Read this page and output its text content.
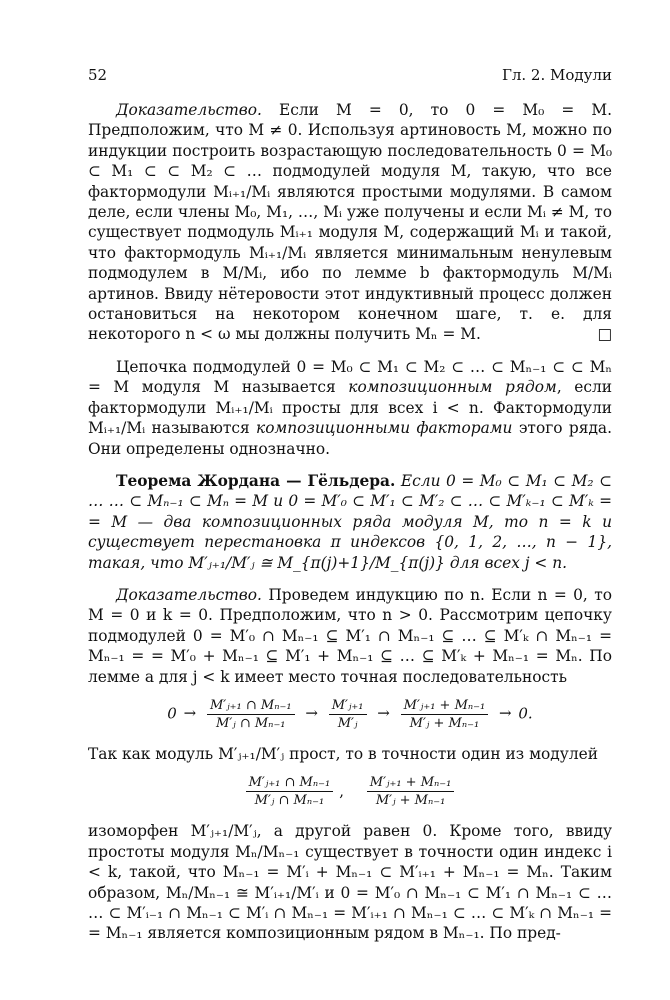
52	Гл. 2. Модули

Доказательство. Если M = 0, то 0 = M₀ = M. Предположим, что M ≠ 0. Используя артиновость M, можно по индукции построить возрастающую последовательность 0 = M₀ ⊂ M₁ ⊂ ⊂ M₂ ⊂ … подмодулей модуля M, такую, что все фактормодули Mᵢ₊₁/Mᵢ являются простыми модулями. В самом деле, если члены M₀, M₁, …, Mᵢ уже получены и если Mᵢ ≠ M, то существует подмодуль Mᵢ₊₁ модуля M, содержащий Mᵢ и такой, что фактормодуль Mᵢ₊₁/Mᵢ является минимальным ненулевым подмодулем в M/Mᵢ, ибо по лемме b фактормодуль M/Mᵢ артинов. Ввиду нётеровости этот индуктивный процесс должен остановиться на некотором конечном шаге, т. е. для некоторого n < ω мы должны получить Mₙ = M.	□

Цепочка подмодулей 0 = M₀ ⊂ M₁ ⊂ M₂ ⊂ … ⊂ Mₙ₋₁ ⊂ ⊂ Mₙ = M модуля M называется композиционным рядом, если фактормодули Mᵢ₊₁/Mᵢ просты для всех i < n. Фактормодули Mᵢ₊₁/Mᵢ называются композиционными факторами этого ряда. Они определены однозначно.

Теорема Жордана — Гёльдера. Если 0 = M₀ ⊂ M₁ ⊂ M₂ ⊂ … … ⊂ Mₙ₋₁ ⊂ Mₙ = M и 0 = M′₀ ⊂ M′₁ ⊂ M′₂ ⊂ … ⊂ M′ₖ₋₁ ⊂ M′ₖ = = M — два композиционных ряда модуля M, то n = k и существует перестановка π индексов {0, 1, 2, …, n − 1}, такая, что M′ⱼ₊₁/M′ⱼ ≅ M_{π(j)+1}/M_{π(j)} для всех j < n.

Доказательство. Проведем индукцию по n. Если n = 0, то M = 0 и k = 0. Предположим, что n > 0. Рассмотрим цепочку подмодулей 0 = M′₀ ∩ Mₙ₋₁ ⊆ M′₁ ∩ Mₙ₋₁ ⊆ … ⊆ M′ₖ ∩ Mₙ₋₁ = Mₙ₋₁ = = M′₀ + Mₙ₋₁ ⊆ M′₁ + Mₙ₋₁ ⊆ … ⊆ M′ₖ + Mₙ₋₁ = Mₙ. По лемме a для j < k имеет место точная последовательность

$0 \to \frac{\text{M′ⱼ₊₁ ∩ Mₙ₋₁}}{\text{M′ⱼ ∩ Mₙ₋₁}} \to \frac{\text{M′ⱼ₊₁}}{\text{M′ⱼ}} \to \frac{\text{M′ⱼ₊₁ + Mₙ₋₁}}{\text{M′ⱼ + Mₙ₋₁}} \to 0$.

Так как модуль M′ⱼ₊₁/M′ⱼ прост, то в точности один из модулей

$\frac{\text{M′ⱼ₊₁ ∩ Mₙ₋₁}}{\text{M′ⱼ ∩ Mₙ₋₁}}$ , $\frac{\text{M′ⱼ₊₁ + Mₙ₋₁}}{\text{M′ⱼ + Mₙ₋₁}}$

изоморфен M′ⱼ₊₁/M′ⱼ, а другой равен 0. Кроме того, ввиду простоты модуля Mₙ/Mₙ₋₁ существует в точности один индекс i < k, такой, что Mₙ₋₁ = M′ᵢ + Mₙ₋₁ ⊂ M′ᵢ₊₁ + Mₙ₋₁ = Mₙ. Таким образом, Mₙ/Mₙ₋₁ ≅ M′ᵢ₊₁/M′ᵢ и 0 = M′₀ ∩ Mₙ₋₁ ⊂ M′₁ ∩ Mₙ₋₁ ⊂ … … ⊂ M′ᵢ₋₁ ∩ Mₙ₋₁ ⊂ M′ᵢ ∩ Mₙ₋₁ = M′ᵢ₊₁ ∩ Mₙ₋₁ ⊂ … ⊂ M′ₖ ∩ Mₙ₋₁ = = Mₙ₋₁ является композиционным рядом в Mₙ₋₁. По пред-
